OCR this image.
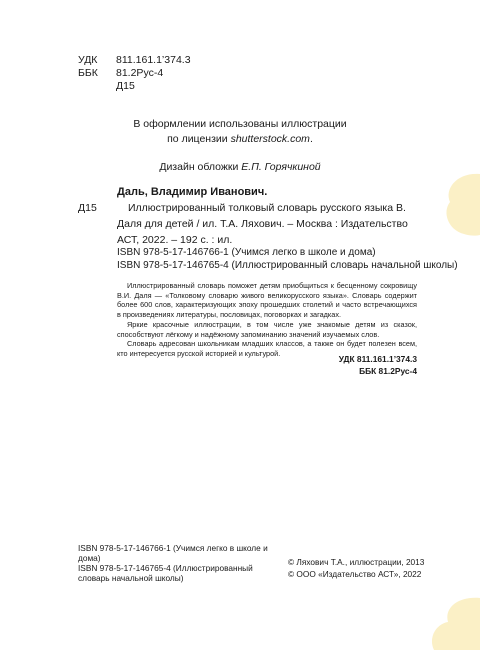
УДК 811.161.1’374.3
ББК 81.2Рус-4
Д15
В оформлении использованы иллюстрации
по лицензии shutterstock.com.
Дизайн обложки Е.П. Горячкиной
Даль, Владимир Иванович.
Д15	Иллюстрированный толковый словарь русского языка В. Даля для детей / ил. Т.А. Ляхович. – Москва : Издательство АСТ, 2022. – 192 с. : ил.
ISBN 978-5-17-146766-1 (Учимся легко в школе и дома)
ISBN 978-5-17-146765-4 (Иллюстрированный словарь начальной школы)

Иллюстрированный словарь поможет детям приобщиться к бесценному сокровищу В.И. Даля — «Толковому словарю живого великорусского языка». Словарь содержит более 600 слов, характеризующих эпоху прошедших столетий и часто встречающихся в произведениях литературы, пословицах, поговорках и загадках.

Яркие красочные иллюстрации, в том числе уже знакомые детям из сказок, способствуют лёгкому и надёжному запоминанию значений изучаемых слов.

Словарь адресован школьникам младших классов, а также он будет полезен всем, кто интересуется русской историей и культурой.

УДК 811.161.1’374.3
ББК 81.2Рус-4

ISBN 978-5-17-146766-1 (Учимся легко в школе и дома)

ISBN 978-5-17-146765-4 (Иллюстрированный словарь начальной школы)

© Ляхович Т.А., иллюстрации, 2013

© ООО «Издательство АСТ», 2022
